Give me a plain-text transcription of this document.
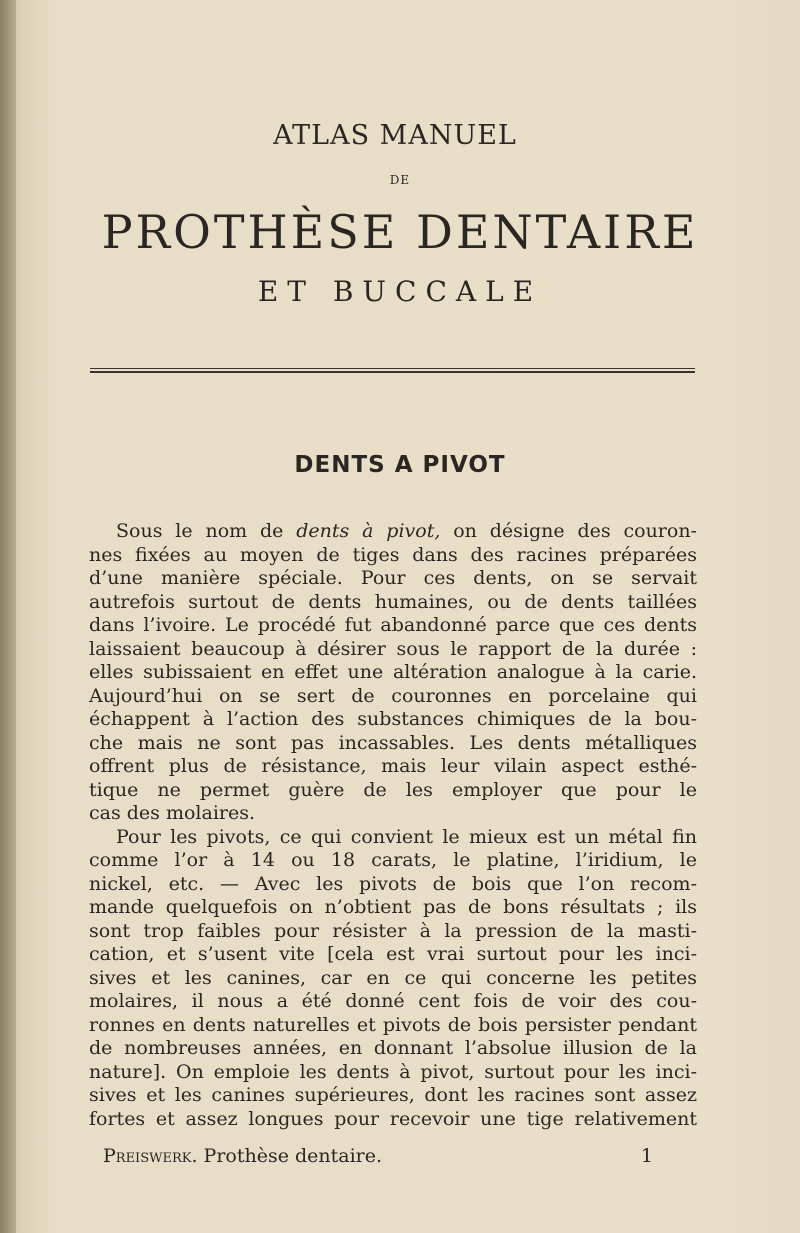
ATLAS MANUEL
DE
PROTHÈSE DENTAIRE
ET BUCCALE
DENTS A PIVOT
Sous le nom de dents à pivot, on désigne des couron-
nes fixées au moyen de tiges dans des racines préparées
d’une manière spéciale. Pour ces dents, on se servait
autrefois surtout de dents humaines, ou de dents taillées
dans l’ivoire. Le procédé fut abandonné parce que ces dents
laissaient beaucoup à désirer sous le rapport de la durée :
elles subissaient en effet une altération analogue à la carie.
Aujourd’hui on se sert de couronnes en porcelaine qui
échappent à l’action des substances chimiques de la bou-
che mais ne sont pas incassables. Les dents métalliques
offrent plus de résistance, mais leur vilain aspect esthé-
tique ne permet guère de les employer que pour le
cas des molaires.
Pour les pivots, ce qui convient le mieux est un métal fin
comme l’or à 14 ou 18 carats, le platine, l’iridium, le
nickel, etc. — Avec les pivots de bois que l’on recom-
mande quelquefois on n’obtient pas de bons résultats ; ils
sont trop faibles pour résister à la pression de la masti-
cation, et s’usent vite [cela est vrai surtout pour les inci-
sives et les canines, car en ce qui concerne les petites
molaires, il nous a été donné cent fois de voir des cou-
ronnes en dents naturelles et pivots de bois persister pendant
de nombreuses années, en donnant l’absolue illusion de la
nature]. On emploie les dents à pivot, surtout pour les inci-
sives et les canines supérieures, dont les racines sont assez
fortes et assez longues pour recevoir une tige relativement
Preiswerk. Prothèse dentaire.	1
